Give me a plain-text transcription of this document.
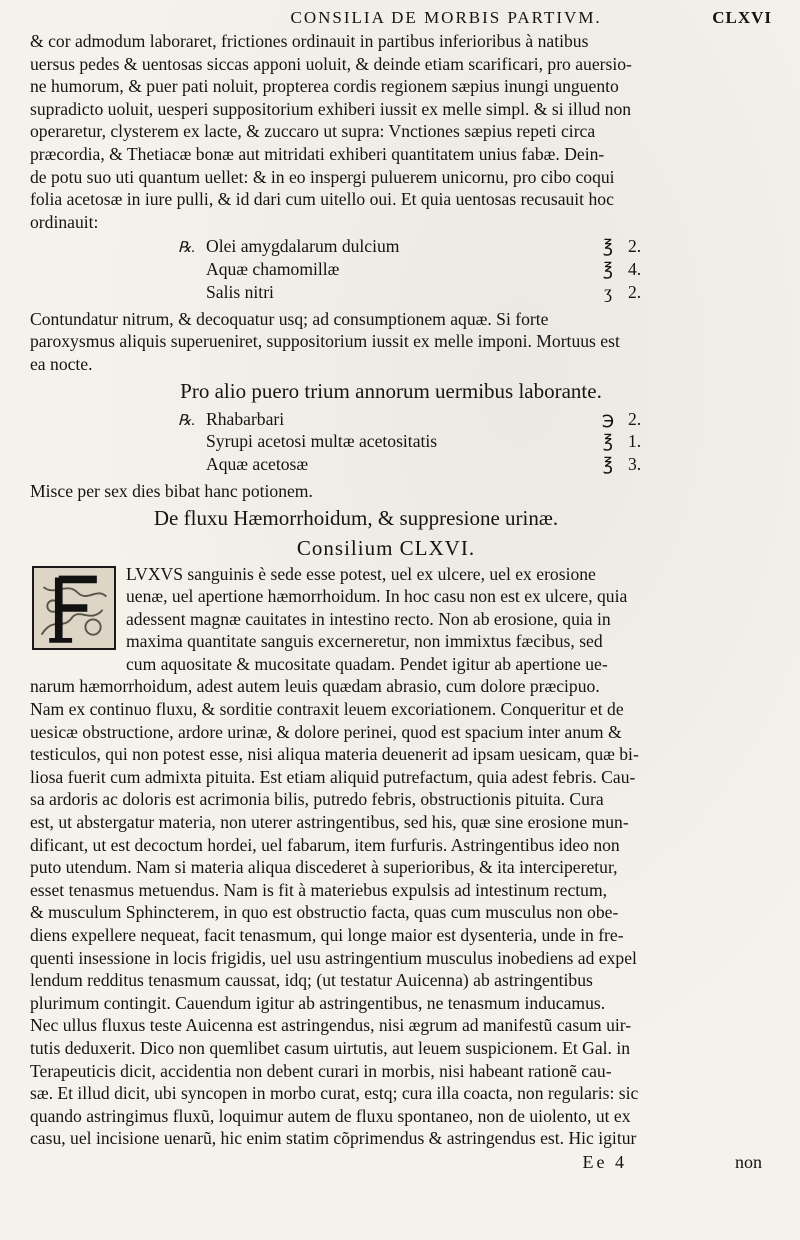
CONSILIA DE MORBIS PARTIVM.	CLXVI
& cor admodum laboraret, frictiones ordinauit in partibus inferioribus à natibus
uersus pedes & uentosas siccas apponi uoluit, & deinde etiam scarificari, pro auersio-
ne humorum, & puer pati noluit, propterea cordis regionem sæpius inungi unguento
supradicto uoluit, uesperi suppositorium exhiberi iussit ex melle simpl. & si illud non
operaretur, clysterem ex lacte, & zuccaro ut supra: Vnctiones sæpius repeti circa
præcordia, & Thetiacæ bonæ aut mitridati exhiberi quantitatem unius fabæ. Dein-
de potu suo uti quantum uellet: & in eo inspergi puluerem unicornu, pro cibo coqui
folia acetosæ in iure pulli, & id dari cum uitello oui. Et quia uentosas recusauit hoc
ordinauit:
℞. Olei amygdalarum dulcium	℥ 2.
Aquæ chamomillæ	℥ 4.
Salis nitri	ʒ 2.
Contundatur nitrum, & decoquatur usq; ad consumptionem aquæ. Si forte
paroxysmus aliquis superueniret, suppositorium iussit ex melle imponi. Mortuus est
ea nocte.
Pro alio puero trium annorum uermibus laborante.
℞. Rhabarbari	℈ 2.
Syrupi acetosi multæ acetositatis	℥ 1.
Aquæ acetosæ	℥ 3.
Misce per sex dies bibat hanc potionem.
De fluxu Hæmorrhoidum, & suppresione urinæ.
Consilium CLXVI.
LVXVS sanguinis è sede esse potest, uel ex ulcere, uel ex erosione
uenæ, uel apertione hæmorrhoidum. In hoc casu non est ex ulcere, quia
adessent magnæ cauitates in intestino recto. Non ab erosione, quia in
maxima quantitate sanguis excerneretur, non immixtus fæcibus, sed
cum aquositate & mucositate quadam. Pendet igitur ab apertione ue-
narum hæmorrhoidum, adest autem leuis quædam abrasio, cum dolore præcipuo.
Nam ex continuo fluxu, & sorditie contraxit leuem excoriationem. Conqueritur et de
uesicæ obstructione, ardore urinæ, & dolore perinei, quod est spacium inter anum &
testiculos, qui non potest esse, nisi aliqua materia deuenerit ad ipsam uesicam, quæ bi-
liosa fuerit cum admixta pituita. Est etiam aliquid putrefactum, quia adest febris. Cau-
sa ardoris ac doloris est acrimonia bilis, putredo febris, obstructionis pituita. Cura
est, ut abstergatur materia, non uterer astringentibus, sed his, quæ sine erosione mun-
dificant, ut est decoctum hordei, uel fabarum, item furfuris. Astringentibus ideo non
puto utendum. Nam si materia aliqua discederet à superioribus, & ita interciperetur,
esset tenasmus metuendus. Nam is fit à materiebus expulsis ad intestinum rectum,
& musculum Sphincterem, in quo est obstructio facta, quas cum musculus non obe-
diens expellere nequeat, facit tenasmum, qui longe maior est dysenteria, unde in fre-
quenti insessione in locis frigidis, uel usu astringentium musculus inobediens ad expel
lendum redditus tenasmum caussat, idq; (ut testatur Auicenna) ab astringentibus
plurimum contingit. Cauendum igitur ab astringentibus, ne tenasmum inducamus.
Nec ullus fluxus teste Auicenna est astringendus, nisi ægrum ad manifestũ casum uir-
tutis deduxerit. Dico non quemlibet casum uirtutis, aut leuem suspicionem. Et Gal. in
Terapeuticis dicit, accidentia non debent curari in morbis, nisi habeant rationẽ cau-
sæ. Et illud dicit, ubi syncopen in morbo curat, estq; cura illa coacta, non regularis: sic
quando astringimus fluxũ, loquimur autem de fluxu spontaneo, non de uiolento, ut ex
casu, uel incisione uenarũ, hic enim statim cõprimendus & astringendus est. Hic igitur
Ee 4	non
